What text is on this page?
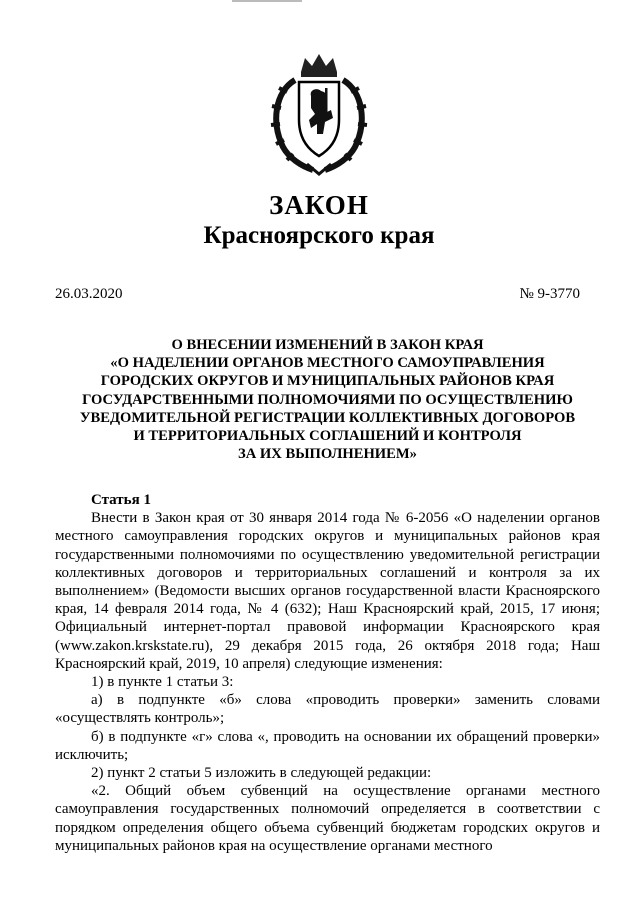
ЗАКОН
Красноярского края
26.03.2020	№ 9-3770
О ВНЕСЕНИИ ИЗМЕНЕНИЙ В ЗАКОН КРАЯ
«О НАДЕЛЕНИИ ОРГАНОВ МЕСТНОГО САМОУПРАВЛЕНИЯ
ГОРОДСКИХ ОКРУГОВ И МУНИЦИПАЛЬНЫХ РАЙОНОВ КРАЯ
ГОСУДАРСТВЕННЫМИ ПОЛНОМОЧИЯМИ ПО ОСУЩЕСТВЛЕНИЮ
УВЕДОМИТЕЛЬНОЙ РЕГИСТРАЦИИ КОЛЛЕКТИВНЫХ ДОГОВОРОВ
И ТЕРРИТОРИАЛЬНЫХ СОГЛАШЕНИЙ И КОНТРОЛЯ
ЗА ИХ ВЫПОЛНЕНИЕМ»
Статья 1

Внести в Закон края от 30 января 2014 года № 6-2056 «О наделении органов местного самоуправления городских округов и муниципальных районов края государственными полномочиями по осуществлению уведомительной регистрации коллективных договоров и территориальных соглашений и контроля за их выполнением» (Ведомости высших органов государственной власти Красноярского края, 14 февраля 2014 года, № 4 (632); Наш Красноярский край, 2015, 17 июня; Официальный интернет-портал правовой информации Красноярского края (www.zakon.krskstate.ru), 29 декабря 2015 года, 26 октября 2018 года; Наш Красноярский край, 2019, 10 апреля) следующие изменения:

1) в пункте 1 статьи 3:

а) в подпункте «б» слова «проводить проверки» заменить словами «осуществлять контроль»;

б) в подпункте «г» слова «, проводить на основании их обращений проверки» исключить;

2) пункт 2 статьи 5 изложить в следующей редакции:

«2. Общий объем субвенций на осуществление органами местного самоуправления государственных полномочий определяется в соответствии с порядком определения общего объема субвенций бюджетам городских округов и муниципальных районов края на осуществление органами местного
